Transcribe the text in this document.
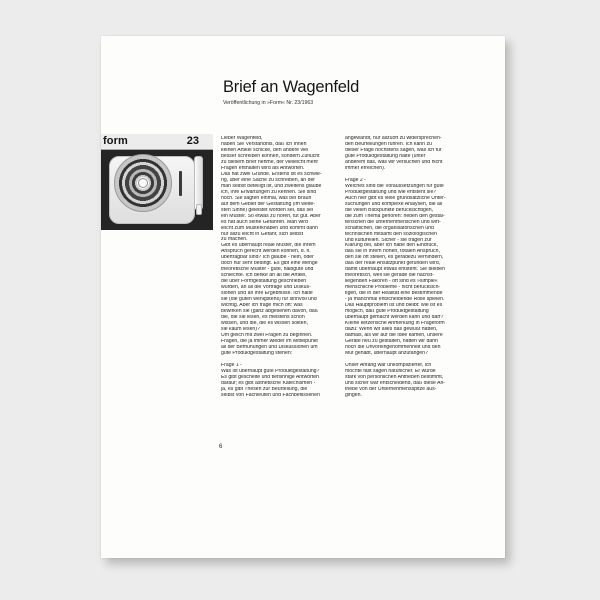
Brief an Wagenfeld
Veröffentlichung in »Form« Nr. 23/1963
form	23	Lieber Wagenfeld,
haben Sie Verständnis, daß ich Ihnen
keinen Artikel schicke, den andere viel
besser schreiben können, sondern Zuflucht
zu diesem Brief nehme, der vielleicht mehr
Fragen enthalten wird als Antworten.
Das hat zwei Gründe. Erstens ist es schwie-
rig, über eine Sache zu schreiben, an der
man selbst beteiligt ist, und zweitens glaube
ich, Ihre Erwartungen zu kennen. Sie sind
hoch. Sie sagten einmal, was bei Braun
auf dem Gebiet der Gestaltung (im weite-
sten Sinne) geleistet worden sei, das sei
ein Muster. So etwas zu hören, tut gut. Aber
es hat auch seine Gefahren. Man wird
leicht zum Musterknaben und kommt dann
nur allzu leicht in Gefahr, sich selbst
zu machen.
Gibt es überhaupt reale Muster, die ihrem
Anspruch gerecht werden können, d. h.
übertragbar sind? Ich glaube - nein, oder
doch nur sehr bedingt. Es gibt eine Menge
theoretische Muster - gute, halbgute und
schlechte. Ich denke an all die Artikel,
die über Formgestaltung geschrieben
wurden, an all die Vorträge und Diskus-
sionen und an ihre Ergebnisse. Ich halte
sie (die guten wenigstens) für sinnvoll und
wichtig. Aber ich frage mich oft: was
bewirken sie (ganz abgesehen davon, daß
die, die sie lesen, es meistens schon
wissen, und die, die es wissen sollten,
sie kaum lesen)?
Um gleich mit zwei Fragen zu beginnen.
Fragen, die ja immer wieder im Mittelpunkt
all der Bemühungen und Diskussionen um
gute Produktgestaltung stehen:
Frage 1 -
Was ist überhaupt gute Produktgestaltung?
Es gibt gescheite und tiefsinnige Antworten
darauf; es gibt ästhetische Katechismen -
ja, es gibt Thesen zur Beurteilung, die
selbst von Fachleuten und Fachbeflissenen
angewandt, nur allzuoft zu widersprechen-
den Beurteilungen führen. Ich kann zu
dieser Frage höchstens sagen, was ich für
gute Produktgestaltung halte (unter
anderem das, was wir versuchen und nicht
immer erreichen).
Frage 2 -
Welches sind die Voraussetzungen für gute
Produktgestaltung und wie entsteht sie?
Auch hier gibt es viele grundsätzliche Unter-
suchungen und komplexe Analysen, die all
die vielen Blickpunkte berücksichtigen,
die zum Thema gehören: neben den gestal-
terischen die unternehmerischen und wirt-
schaftlichen, die organisatorischen und
technischen mitsamt den soziologischen
und kulturellen. Sicher - sie tragen zur
Klärung bei, aber ich habe den Eindruck,
daß sie in ihrem hohen, totalen Anspruch,
den sie oft stellen, es geradezu verhindern,
daß der reale Ansatzpunkt gefunden wird,
damit überhaupt etwas entsteht. Sie bleiben
theoretisch, weil sie gerade die nächst-
liegenden Fakoren - oft sind es »simple«
menschliche Probleme - nicht berücksich-
tigen, die in der Realität eine bestimmende
- ja manchmal entscheidende Rolle spielen.
Das Hauptproblem ist und bleibt: wie ist es
möglich, daß gute Produktgestaltung
überhaupt gemacht werden kann und darf?
Kleine ketzerische Anmerkung in Frageform
dazu: Wenn wir alles das gewußt hätten,
damals, als wir auf die Idee kamen, unsere
Geräte neu zu gestalten, hätten wir dann
noch die Unvoreingenommenheit und den
Mut gehabt, überhaupt anzufangen?
Unser Anfang war unkomplizierter, ich
möchte fast sagen natürlicher. Er wurde
stark von persönlichen Antrieben bestimmt,
und sicher war entscheidend, daß diese An-
triebe von der Unternehmensspitze aus-
gingen.
6
